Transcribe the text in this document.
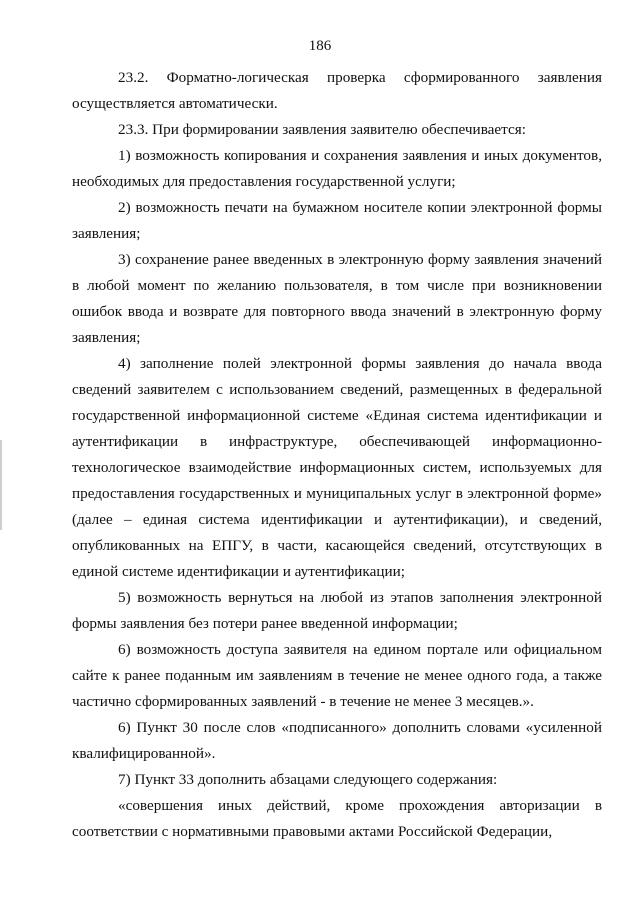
186

23.2. Форматно-логическая проверка сформированного заявления осуществляется автоматически.

23.3. При формировании заявления заявителю обеспечивается:

1) возможность копирования и сохранения заявления и иных документов, необходимых для предоставления государственной услуги;

2) возможность печати на бумажном носителе копии электронной формы заявления;

3) сохранение ранее введенных в электронную форму заявления значений в любой момент по желанию пользователя, в том числе при возникновении ошибок ввода и возврате для повторного ввода значений в электронную форму заявления;

4) заполнение полей электронной формы заявления до начала ввода сведений заявителем с использованием сведений, размещенных в федеральной государственной информационной системе «Единая система идентификации и аутентификации в инфраструктуре, обеспечивающей информационно-технологическое взаимодействие информационных систем, используемых для предоставления государственных и муниципальных услуг в электронной форме» (далее – единая система идентификации и аутентификации), и сведений, опубликованных на ЕПГУ, в части, касающейся сведений, отсутствующих в единой системе идентификации и аутентификации;

5) возможность вернуться на любой из этапов заполнения электронной формы заявления без потери ранее введенной информации;

6) возможность доступа заявителя на едином портале или официальном сайте к ранее поданным им заявлениям в течение не менее одного года, а также частично сформированных заявлений - в течение не менее 3 месяцев.».

6) Пункт 30 после слов «подписанного» дополнить словами «усиленной квалифицированной».

7) Пункт 33 дополнить абзацами следующего содержания:

«совершения иных действий, кроме прохождения авторизации в соответствии с нормативными правовыми актами Российской Федерации,
